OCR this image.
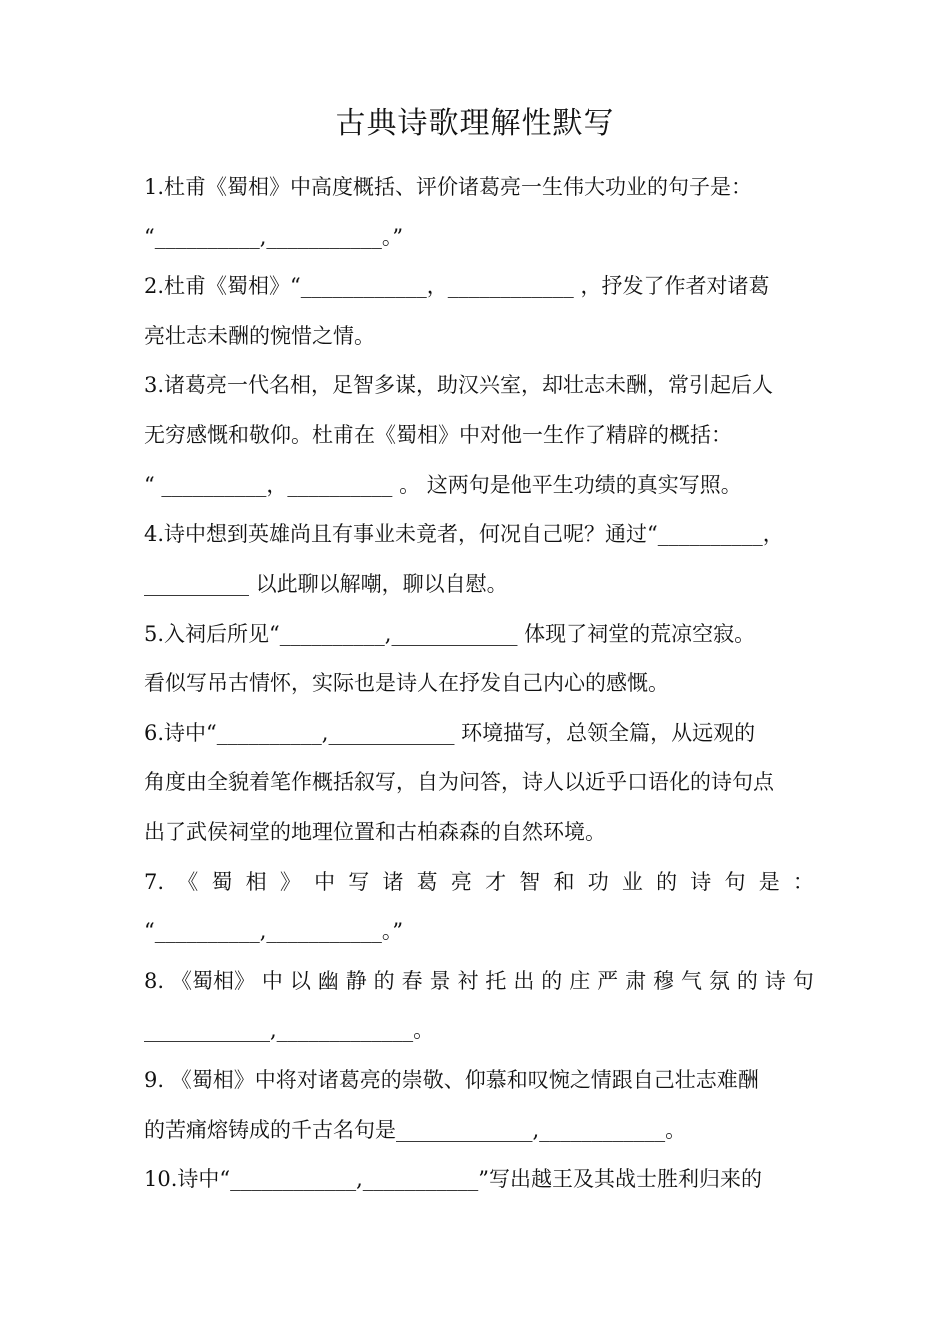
古典诗歌理解性默写
1.杜甫《蜀相》中高度概括、评价诸葛亮一生伟大功业的句子是：
“__________,___________。”
2.杜甫《蜀相》“____________，____________ ，抒发了作者对诸葛
亮壮志未酬的惋惜之情。
3.诸葛亮一代名相，足智多谋，助汉兴室，却壮志未酬，常引起后人
无穷感慨和敬仰。杜甫在《蜀相》中对他一生作了精辟的概括：
“ __________，__________ 。 这两句是他平生功绩的真实写照。
4.诗中想到英雄尚且有事业未竟者，何况自己呢？通过“__________，
__________ 以此聊以解嘲，聊以自慰。
5.入祠后所见“__________,____________ 体现了祠堂的荒凉空寂。
看似写吊古情怀，实际也是诗人在抒发自己内心的感慨。
6.诗中“__________,____________ 环境描写，总领全篇，从远观的
角度由全貌着笔作概括叙写，自为问答，诗人以近乎口语化的诗句点
出了武侯祠堂的地理位置和古柏森森的自然环境。
7. 《 蜀 相 》 中 写 诸 葛 亮 才 智 和 功 业 的 诗 句 是 ：
“__________,___________。”
8. 《蜀相》 中 以 幽 静 的 春 景 衬 托 出 的 庄 严 肃 穆 气 氛 的 诗 句
____________,_____________。
9. 《蜀相》中将对诸葛亮的崇敬、仰慕和叹惋之情跟自己壮志难酬
的苦痛熔铸成的千古名句是_____________,____________。
10.诗中“____________,___________”写出越王及其战士胜利归来的
